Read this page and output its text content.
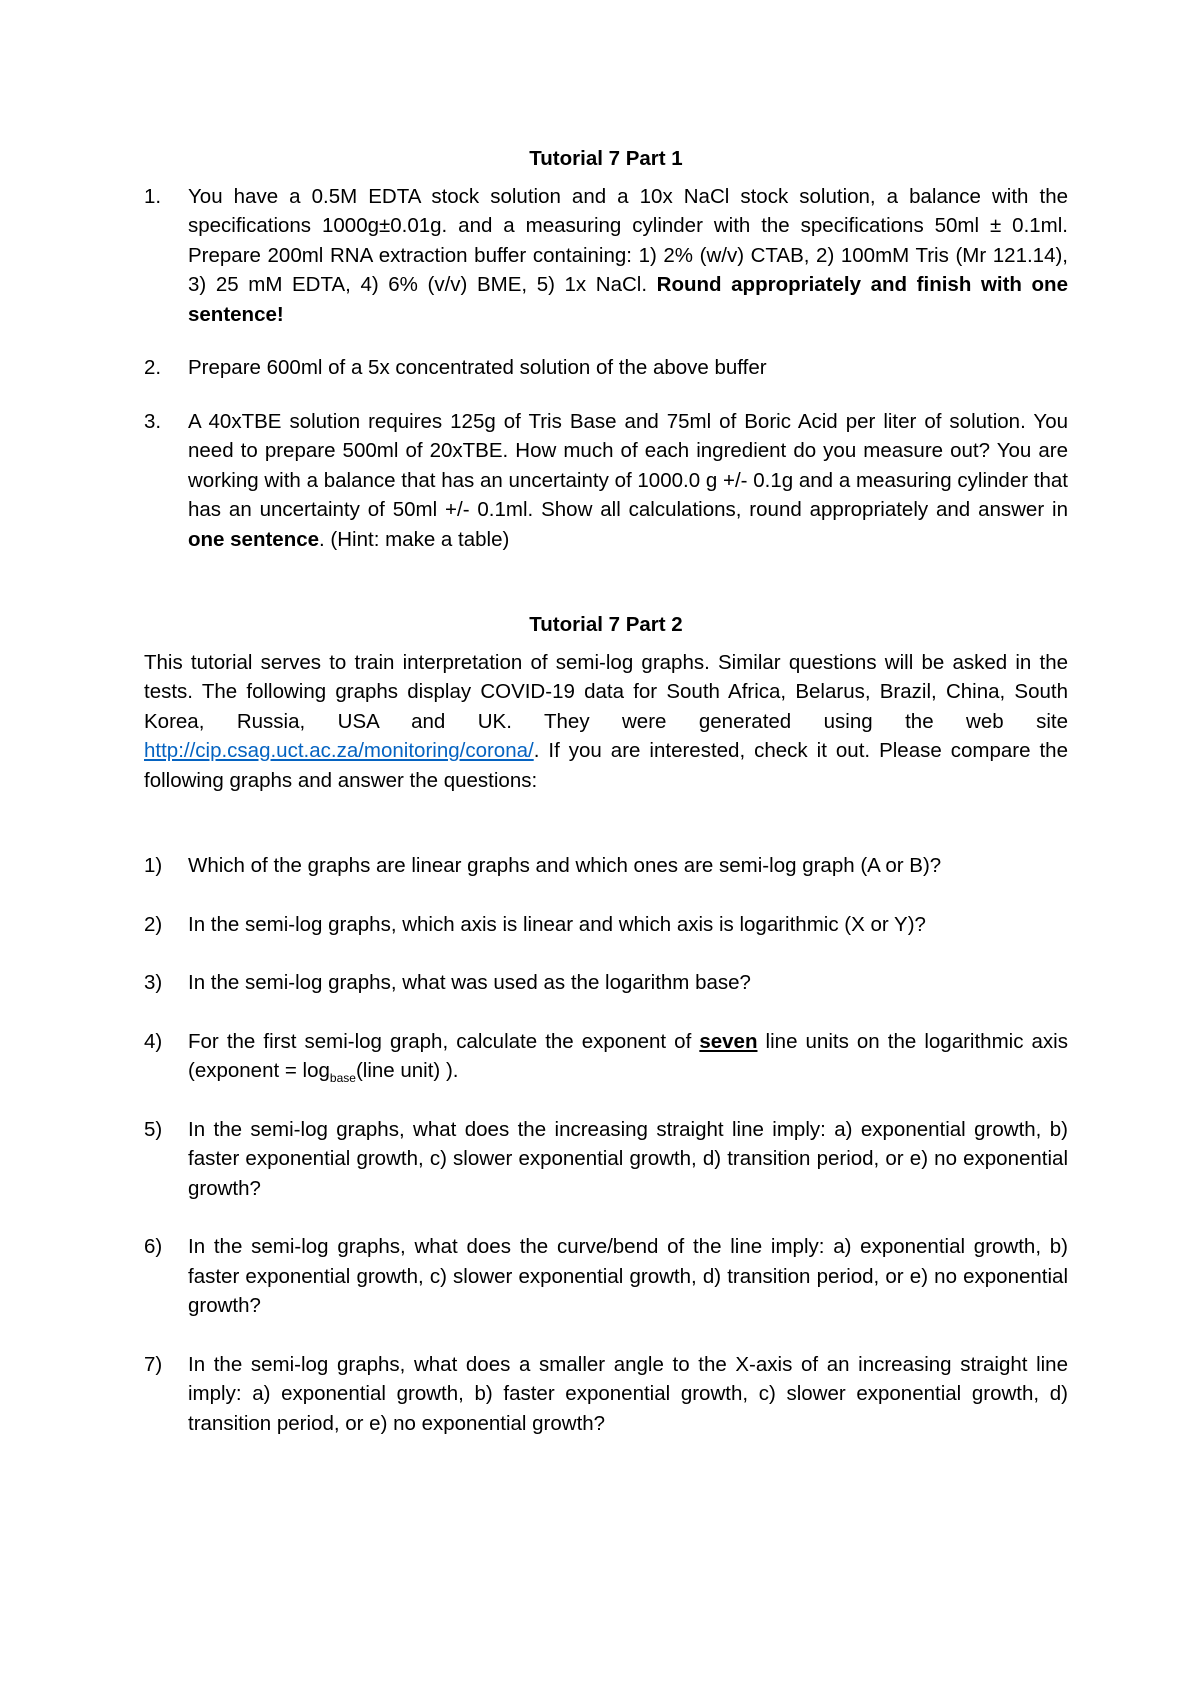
Tutorial 7 Part 1
1.	You have a 0.5M EDTA stock solution and a 10x NaCl stock solution, a balance with the specifications 1000g±0.01g. and a measuring cylinder with the specifications 50ml ± 0.1ml. Prepare 200ml RNA extraction buffer containing: 1) 2% (w/v) CTAB, 2) 100mM Tris (Mr 121.14), 3) 25 mM EDTA, 4) 6% (v/v) BME, 5) 1x NaCl. Round appropriately and finish with one sentence!
2.	Prepare 600ml of a 5x concentrated solution of the above buffer
3.	A 40xTBE solution requires 125g of Tris Base and 75ml of Boric Acid per liter of solution. You need to prepare 500ml of 20xTBE. How much of each ingredient do you measure out? You are working with a balance that has an uncertainty of 1000.0 g +/- 0.1g and a measuring cylinder that has an uncertainty of 50ml +/- 0.1ml. Show all calculations, round appropriately and answer in one sentence. (Hint: make a table)
Tutorial 7 Part 2
This tutorial serves to train interpretation of semi-log graphs. Similar questions will be asked in the tests. The following graphs display COVID-19 data for South Africa, Belarus, Brazil, China, South Korea, Russia, USA and UK. They were generated using the web site http://cip.csag.uct.ac.za/monitoring/corona/. If you are interested, check it out. Please compare the following graphs and answer the questions:
1)	Which of the graphs are linear graphs and which ones are semi-log graph (A or B)?
2)	In the semi-log graphs, which axis is linear and which axis is logarithmic (X or Y)?
3)	In the semi-log graphs, what was used as the logarithm base?
4)	For the first semi-log graph, calculate the exponent of seven line units on the logarithmic axis (exponent = $\log_{base}(line$ unit) ).
5)	In the semi-log graphs, what does the increasing straight line imply: a) exponential growth, b) faster exponential growth, c) slower exponential growth, d) transition period, or e) no exponential growth?
6)	In the semi-log graphs, what does the curve/bend of the line imply: a) exponential growth, b) faster exponential growth, c) slower exponential growth, d) transition period, or e) no exponential growth?
7)	In the semi-log graphs, what does a smaller angle to the X-axis of an increasing straight line imply: a) exponential growth, b) faster exponential growth, c) slower exponential growth, d) transition period, or e) no exponential growth?
